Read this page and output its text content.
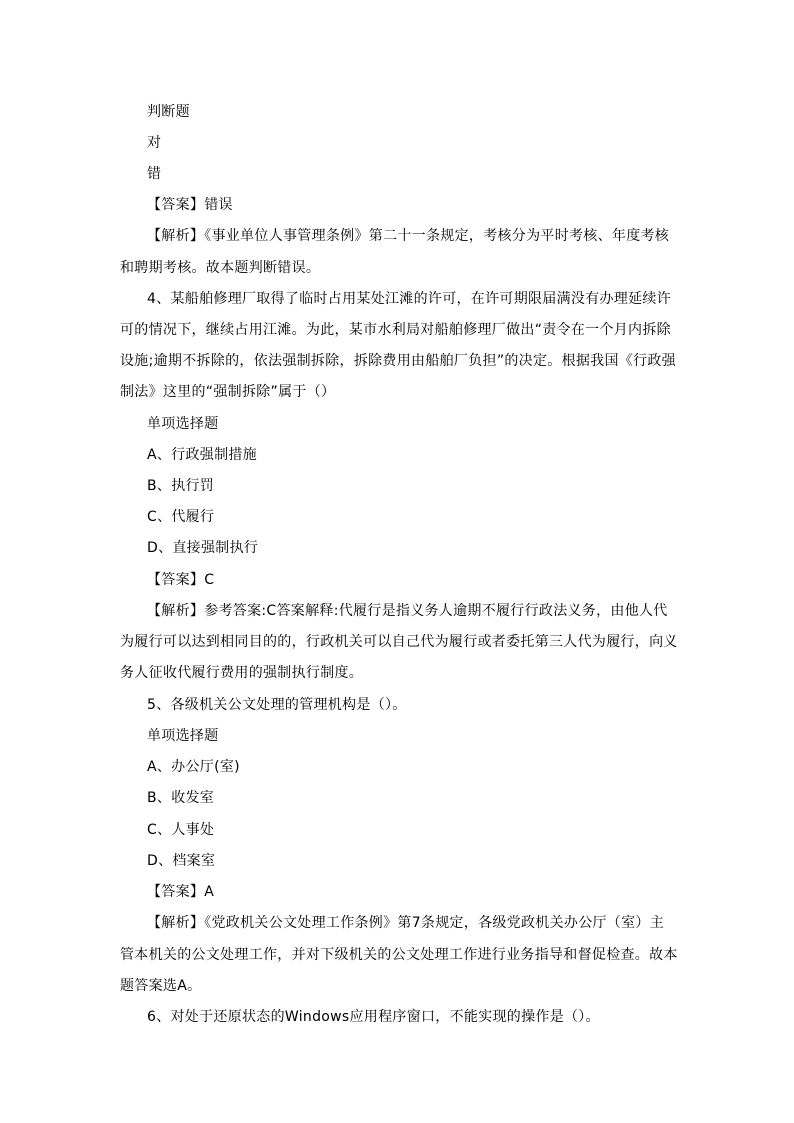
判断题
对
错
【答案】错误
【解析】《事业单位人事管理条例》第二十一条规定，考核分为平时考核、年度考核
和聘期考核。故本题判断错误。
4、某船舶修理厂取得了临时占用某处江滩的许可，在许可期限届满没有办理延续许
可的情况下，继续占用江滩。为此，某市水利局对船舶修理厂做出“责令在一个月内拆除
设施;逾期不拆除的，依法强制拆除，拆除费用由船舶厂负担”的决定。根据我国《行政强
制法》这里的“强制拆除”属于（）
单项选择题
A、行政强制措施
B、执行罚
C、代履行
D、直接强制执行
【答案】C
【解析】参考答案:C答案解释:代履行是指义务人逾期不履行行政法义务，由他人代
为履行可以达到相同目的的，行政机关可以自己代为履行或者委托第三人代为履行，向义
务人征收代履行费用的强制执行制度。
5、各级机关公文处理的管理机构是（）。
单项选择题
A、办公厅(室)
B、收发室
C、人事处
D、档案室
【答案】A
【解析】《党政机关公文处理工作条例》第7条规定，各级党政机关办公厅（室）主
管本机关的公文处理工作，并对下级机关的公文处理工作进行业务指导和督促检查。故本
题答案选A。
6、对处于还原状态的Windows应用程序窗口，不能实现的操作是（）。
